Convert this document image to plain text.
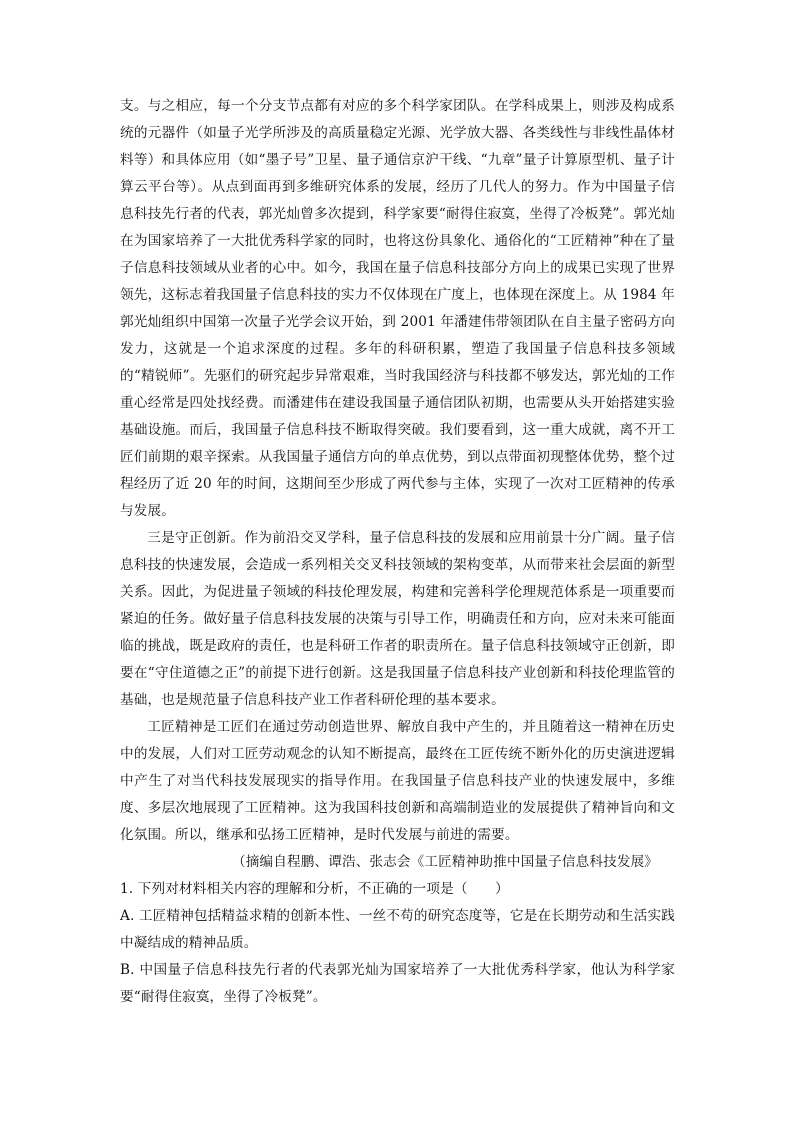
支。与之相应，每一个分支节点都有对应的多个科学家团队。在学科成果上，则涉及构成系统的元器件（如量子光学所涉及的高质量稳定光源、光学放大器、各类线性与非线性晶体材料等）和具体应用（如“墨子号”卫星、量子通信京沪干线、“九章”量子计算原型机、量子计算云平台等）。从点到面再到多维研究体系的发展，经历了几代人的努力。作为中国量子信息科技先行者的代表，郭光灿曾多次提到，科学家要“耐得住寂寞，坐得了冷板凳”。郭光灿在为国家培养了一大批优秀科学家的同时，也将这份具象化、通俗化的“工匠精神”种在了量子信息科技领域从业者的心中。如今，我国在量子信息科技部分方向上的成果已实现了世界领先，这标志着我国量子信息科技的实力不仅体现在广度上，也体现在深度上。从 1984 年郭光灿组织中国第一次量子光学会议开始，到 2001 年潘建伟带领团队在自主量子密码方向发力，这就是一个追求深度的过程。多年的科研积累，塑造了我国量子信息科技多领域的“精锐师”。先驱们的研究起步异常艰难，当时我国经济与科技都不够发达，郭光灿的工作重心经常是四处找经费。而潘建伟在建设我国量子通信团队初期，也需要从头开始搭建实验基础设施。而后，我国量子信息科技不断取得突破。我们要看到，这一重大成就，离不开工匠们前期的艰辛探索。从我国量子通信方向的单点优势，到以点带面初现整体优势，整个过程经历了近 20 年的时间，这期间至少形成了两代参与主体，实现了一次对工匠精神的传承与发展。

三是守正创新。作为前沿交叉学科，量子信息科技的发展和应用前景十分广阔。量子信息科技的快速发展，会造成一系列相关交叉科技领域的架构变革，从而带来社会层面的新型关系。因此，为促进量子领域的科技伦理发展，构建和完善科学伦理规范体系是一项重要而紧迫的任务。做好量子信息科技发展的决策与引导工作，明确责任和方向，应对未来可能面临的挑战，既是政府的责任，也是科研工作者的职责所在。量子信息科技领域守正创新，即要在“守住道德之正”的前提下进行创新。这是我国量子信息科技产业创新和科技伦理监管的基础，也是规范量子信息科技产业工作者科研伦理的基本要求。

工匠精神是工匠们在通过劳动创造世界、解放自我中产生的，并且随着这一精神在历史中的发展，人们对工匠劳动观念的认知不断提高，最终在工匠传统不断外化的历史演进逻辑中产生了对当代科技发展现实的指导作用。在我国量子信息科技产业的快速发展中，多维度、多层次地展现了工匠精神。这为我国科技创新和高端制造业的发展提供了精神旨向和文化氛围。所以，继承和弘扬工匠精神，是时代发展与前进的需要。

（摘编自程鹏、谭浩、张志会《工匠精神助推中国量子信息科技发展》

1. 下列对材料相关内容的理解和分析，不正确的一项是（　　）

A. 工匠精神包括精益求精的创新本性、一丝不苟的研究态度等，它是在长期劳动和生活实践中凝结成的精神品质。

B. 中国量子信息科技先行者的代表郭光灿为国家培养了一大批优秀科学家，他认为科学家要“耐得住寂寞，坐得了冷板凳”。
